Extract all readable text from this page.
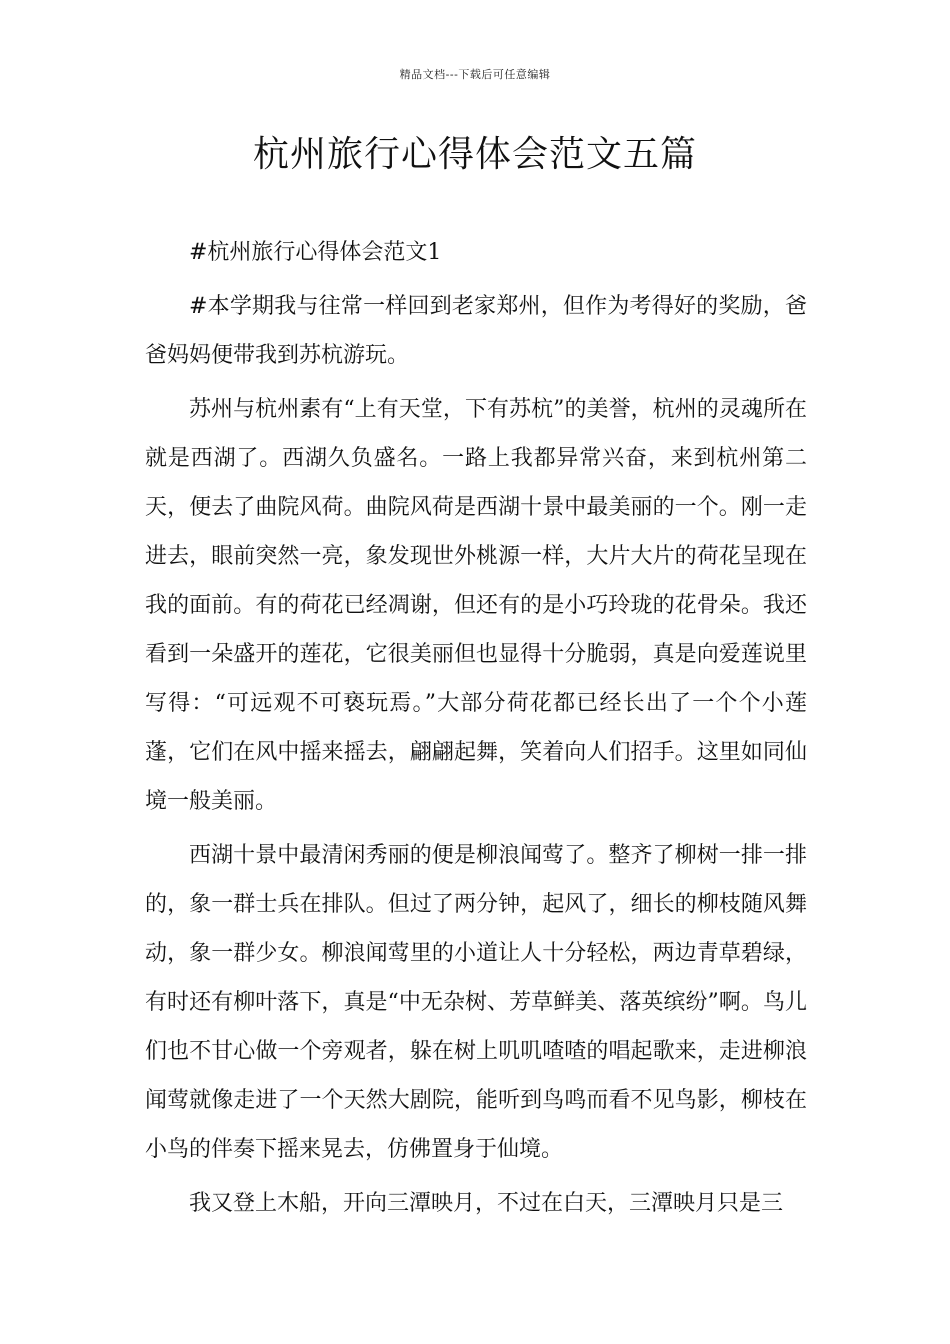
精品文档---下载后可任意编辑
杭州旅行心得体会范文五篇

#杭州旅行心得体会范文1

#本学期我与往常一样回到老家郑州，但作为考得好的奖励，爸爸妈妈便带我到苏杭游玩。

苏州与杭州素有“上有天堂，下有苏杭”的美誉，杭州的灵魂所在就是西湖了。西湖久负盛名。一路上我都异常兴奋，来到杭州第二天，便去了曲院风荷。曲院风荷是西湖十景中最美丽的一个。刚一走进去，眼前突然一亮，象发现世外桃源一样，大片大片的荷花呈现在我的面前。有的荷花已经凋谢，但还有的是小巧玲珑的花骨朵。我还看到一朵盛开的莲花，它很美丽但也显得十分脆弱，真是向爱莲说里写得：“可远观不可亵玩焉。”大部分荷花都已经长出了一个个小莲蓬，它们在风中摇来摇去，翩翩起舞，笑着向人们招手。这里如同仙境一般美丽。

西湖十景中最清闲秀丽的便是柳浪闻莺了。整齐了柳树一排一排的，象一群士兵在排队。但过了两分钟，起风了，细长的柳枝随风舞动，象一群少女。柳浪闻莺里的小道让人十分轻松，两边青草碧绿，有时还有柳叶落下，真是“中无杂树、芳草鲜美、落英缤纷”啊。鸟儿们也不甘心做一个旁观者，躲在树上叽叽喳喳的唱起歌来，走进柳浪闻莺就像走进了一个天然大剧院，能听到鸟鸣而看不见鸟影，柳枝在小鸟的伴奏下摇来晃去，仿佛置身于仙境。

我又登上木船，开向三潭映月，不过在白天，三潭映月只是三
